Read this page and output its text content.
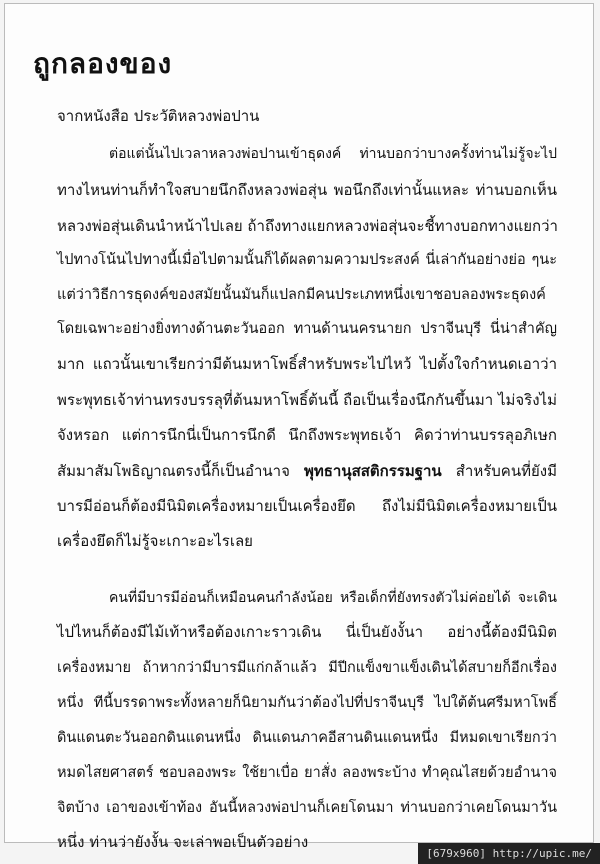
ถูกลองของ
จากหนังสือ ประวัติหลวงพ่อปาน
ต่อแต่นั้นไปเวลาหลวงพ่อปานเข้าธุดงค์ ท่านบอกว่าบางครั้งท่านไม่รู้จะไป
ทางไหนท่านก็ทำใจสบายนึกถึงหลวงพ่อสุ่น พอนึกถึงเท่านั้นแหละ ท่านบอกเห็น
หลวงพ่อสุ่นเดินนำหน้าไปเลย ถ้าถึงทางแยกหลวงพ่อสุ่นจะชี้ทางบอกทางแยกว่า
ไปทางโน้นไปทางนี้เมื่อไปตามนั้นก็ได้ผลตามความประสงค์ นี่เล่ากันอย่างย่อ ๆนะ
แต่ว่าวิธีการธุดงค์ของสมัยนั้นมันก็แปลกมีคนประเภทหนึ่งเขาชอบลองพระธุดงค์
โดยเฉพาะอย่างยิ่งทางด้านตะวันออก ทานด้านนครนายก ปราจีนบุรี นี่น่าสำคัญ
มาก แถวนั้นเขาเรียกว่ามีต้นมหาโพธิ์สำหรับพระไปไหว้ ไปตั้งใจกำหนดเอาว่า
พระพุทธเจ้าท่านทรงบรรลุที่ต้นมหาโพธิ์ต้นนี้ ถือเป็นเรื่องนึกกันขึ้นมา ไม่จริงไม่
จังหรอก แต่การนึกนี่เป็นการนึกดี นึกถึงพระพุทธเจ้า คิดว่าท่านบรรลุอภิเษก
สัมมาสัมโพธิญาณตรงนี้ก็เป็นอำนาจ พุทธานุสสติกรรมฐาน สำหรับคนที่ยังมี
บารมีอ่อนก็ต้องมีนิมิตเครื่องหมายเป็นเครื่องยึด ถึงไม่มีนิมิตเครื่องหมายเป็น
เครื่องยึดก็ไม่รู้จะเกาะอะไรเลย
คนที่มีบารมีอ่อนก็เหมือนคนกำลังน้อย หรือเด็กที่ยังทรงตัวไม่ค่อยได้ จะเดิน
ไปไหนก็ต้องมีไม้เท้าหรือต้องเกาะราวเดิน นี่เป็นยังงั้นา อย่างนี้ต้องมีนิมิต
เครื่องหมาย ถ้าหากว่ามีบารมีแก่กล้าแล้ว มีปีกแข็งขาแข็งเดินได้สบายก็อีกเรื่อง
หนึ่ง ทีนี้บรรดาพระทั้งหลายก็นิยามกันว่าต้องไปที่ปราจีนบุรี ไปใต้ต้นศรีมหาโพธิ์
ดินแดนตะวันออกดินแดนหนึ่ง ดินแดนภาคอีสานดินแดนหนึ่ง มีหมดเขาเรียกว่า
หมดไสยศาสตร์ ชอบลองพระ ใช้ยาเบื่อ ยาสั่ง ลองพระบ้าง ทำคุณไสยด้วยอำนาจ
จิตบ้าง เอาของเข้าท้อง อันนี้หลวงพ่อปานก็เคยโดนมา ท่านบอกว่าเคยโดนมาวัน
หนึ่ง ท่านว่ายังงั้น จะเล่าพอเป็นตัวอย่าง
[679x960] http://upic.me/
